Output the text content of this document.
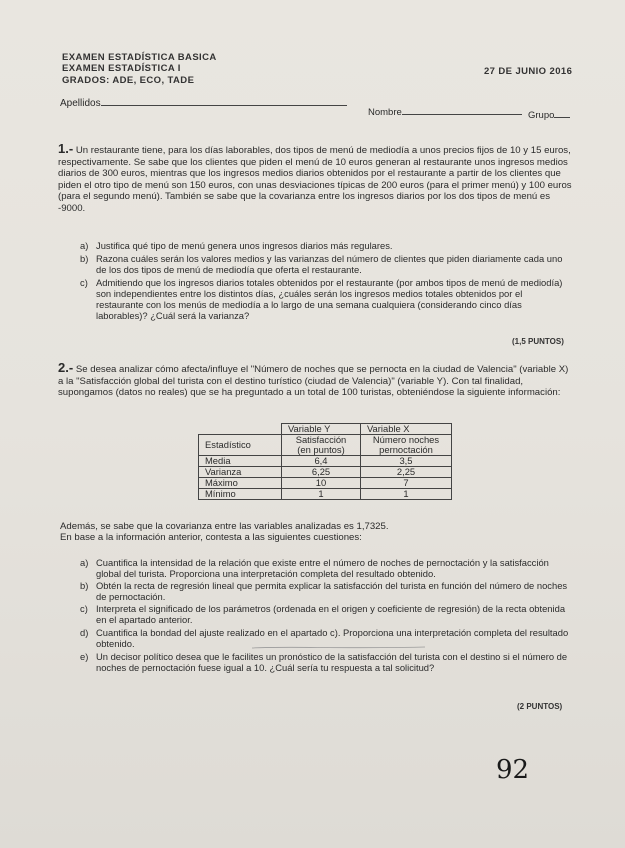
EXAMEN ESTADÍSTICA BASICA
EXAMEN ESTADÍSTICA I
GRADOS: ADE, ECO, TADE
27 DE JUNIO 2016
Apellidos
Nombre	Grupo
1.- Un restaurante tiene, para los días laborables, dos tipos de menú de mediodía a unos precios fijos de 10 y 15 euros, respectivamente. Se sabe que los clientes que piden el menú de 10 euros generan al restaurante unos ingresos medios diarios de 300 euros, mientras que los ingresos medios diarios obtenidos por el restaurante a partir de los clientes que piden el otro tipo de menú son 150 euros, con unas desviaciones típicas de 200 euros (para el primer menú) y 100 euros (para el segundo menú). También se sabe que la covarianza entre los ingresos diarios por los dos tipos de menú es -9000.
a) Justifica qué tipo de menú genera unos ingresos diarios más regulares.
b) Razona cuáles serán los valores medios y las varianzas del número de clientes que piden diariamente cada uno de los dos tipos de menú de mediodía que oferta el restaurante.
c) Admitiendo que los ingresos diarios totales obtenidos por el restaurante (por ambos tipos de menú de mediodía) son independientes entre los distintos días, ¿cuáles serán los ingresos medios totales obtenidos por el restaurante con los menús de mediodía a lo largo de una semana cualquiera (considerando cinco días laborables)? ¿Cuál será la varianza?
(1,5 PUNTOS)
2.- Se desea analizar cómo afecta/influye el "Número de noches que se pernocta en la ciudad de Valencia" (variable X) a la "Satisfacción global del turista con el destino turístico (ciudad de Valencia)" (variable Y). Con tal finalidad, supongamos (datos no reales) que se ha preguntado a un total de 100 turistas, obteniéndose la siguiente información:
	Variable Y	Variable X
Estadístico	Satisfacción (en puntos)	Número noches pernoctación
Media	6,4	3,5
Varianza	6,25	2,25
Máximo	10	7
Mínimo	1	1
Además, se sabe que la covarianza entre las variables analizadas es 1,7325.
En base a la información anterior, contesta a las siguientes cuestiones:
a) Cuantifica la intensidad de la relación que existe entre el número de noches de pernoctación y la satisfacción global del turista. Proporciona una interpretación completa del resultado obtenido.
b) Obtén la recta de regresión lineal que permita explicar la satisfacción del turista en función del número de noches de pernoctación.
c) Interpreta el significado de los parámetros (ordenada en el origen y coeficiente de regresión) de la recta obtenida en el apartado anterior.
d) Cuantifica la bondad del ajuste realizado en el apartado c). Proporciona una interpretación completa del resultado obtenido.
e) Un decisor político desea que le facilites un pronóstico de la satisfacción del turista con el destino si el número de noches de pernoctación fuese igual a 10. ¿Cuál sería tu respuesta a tal solicitud?
(2 PUNTOS)
92
